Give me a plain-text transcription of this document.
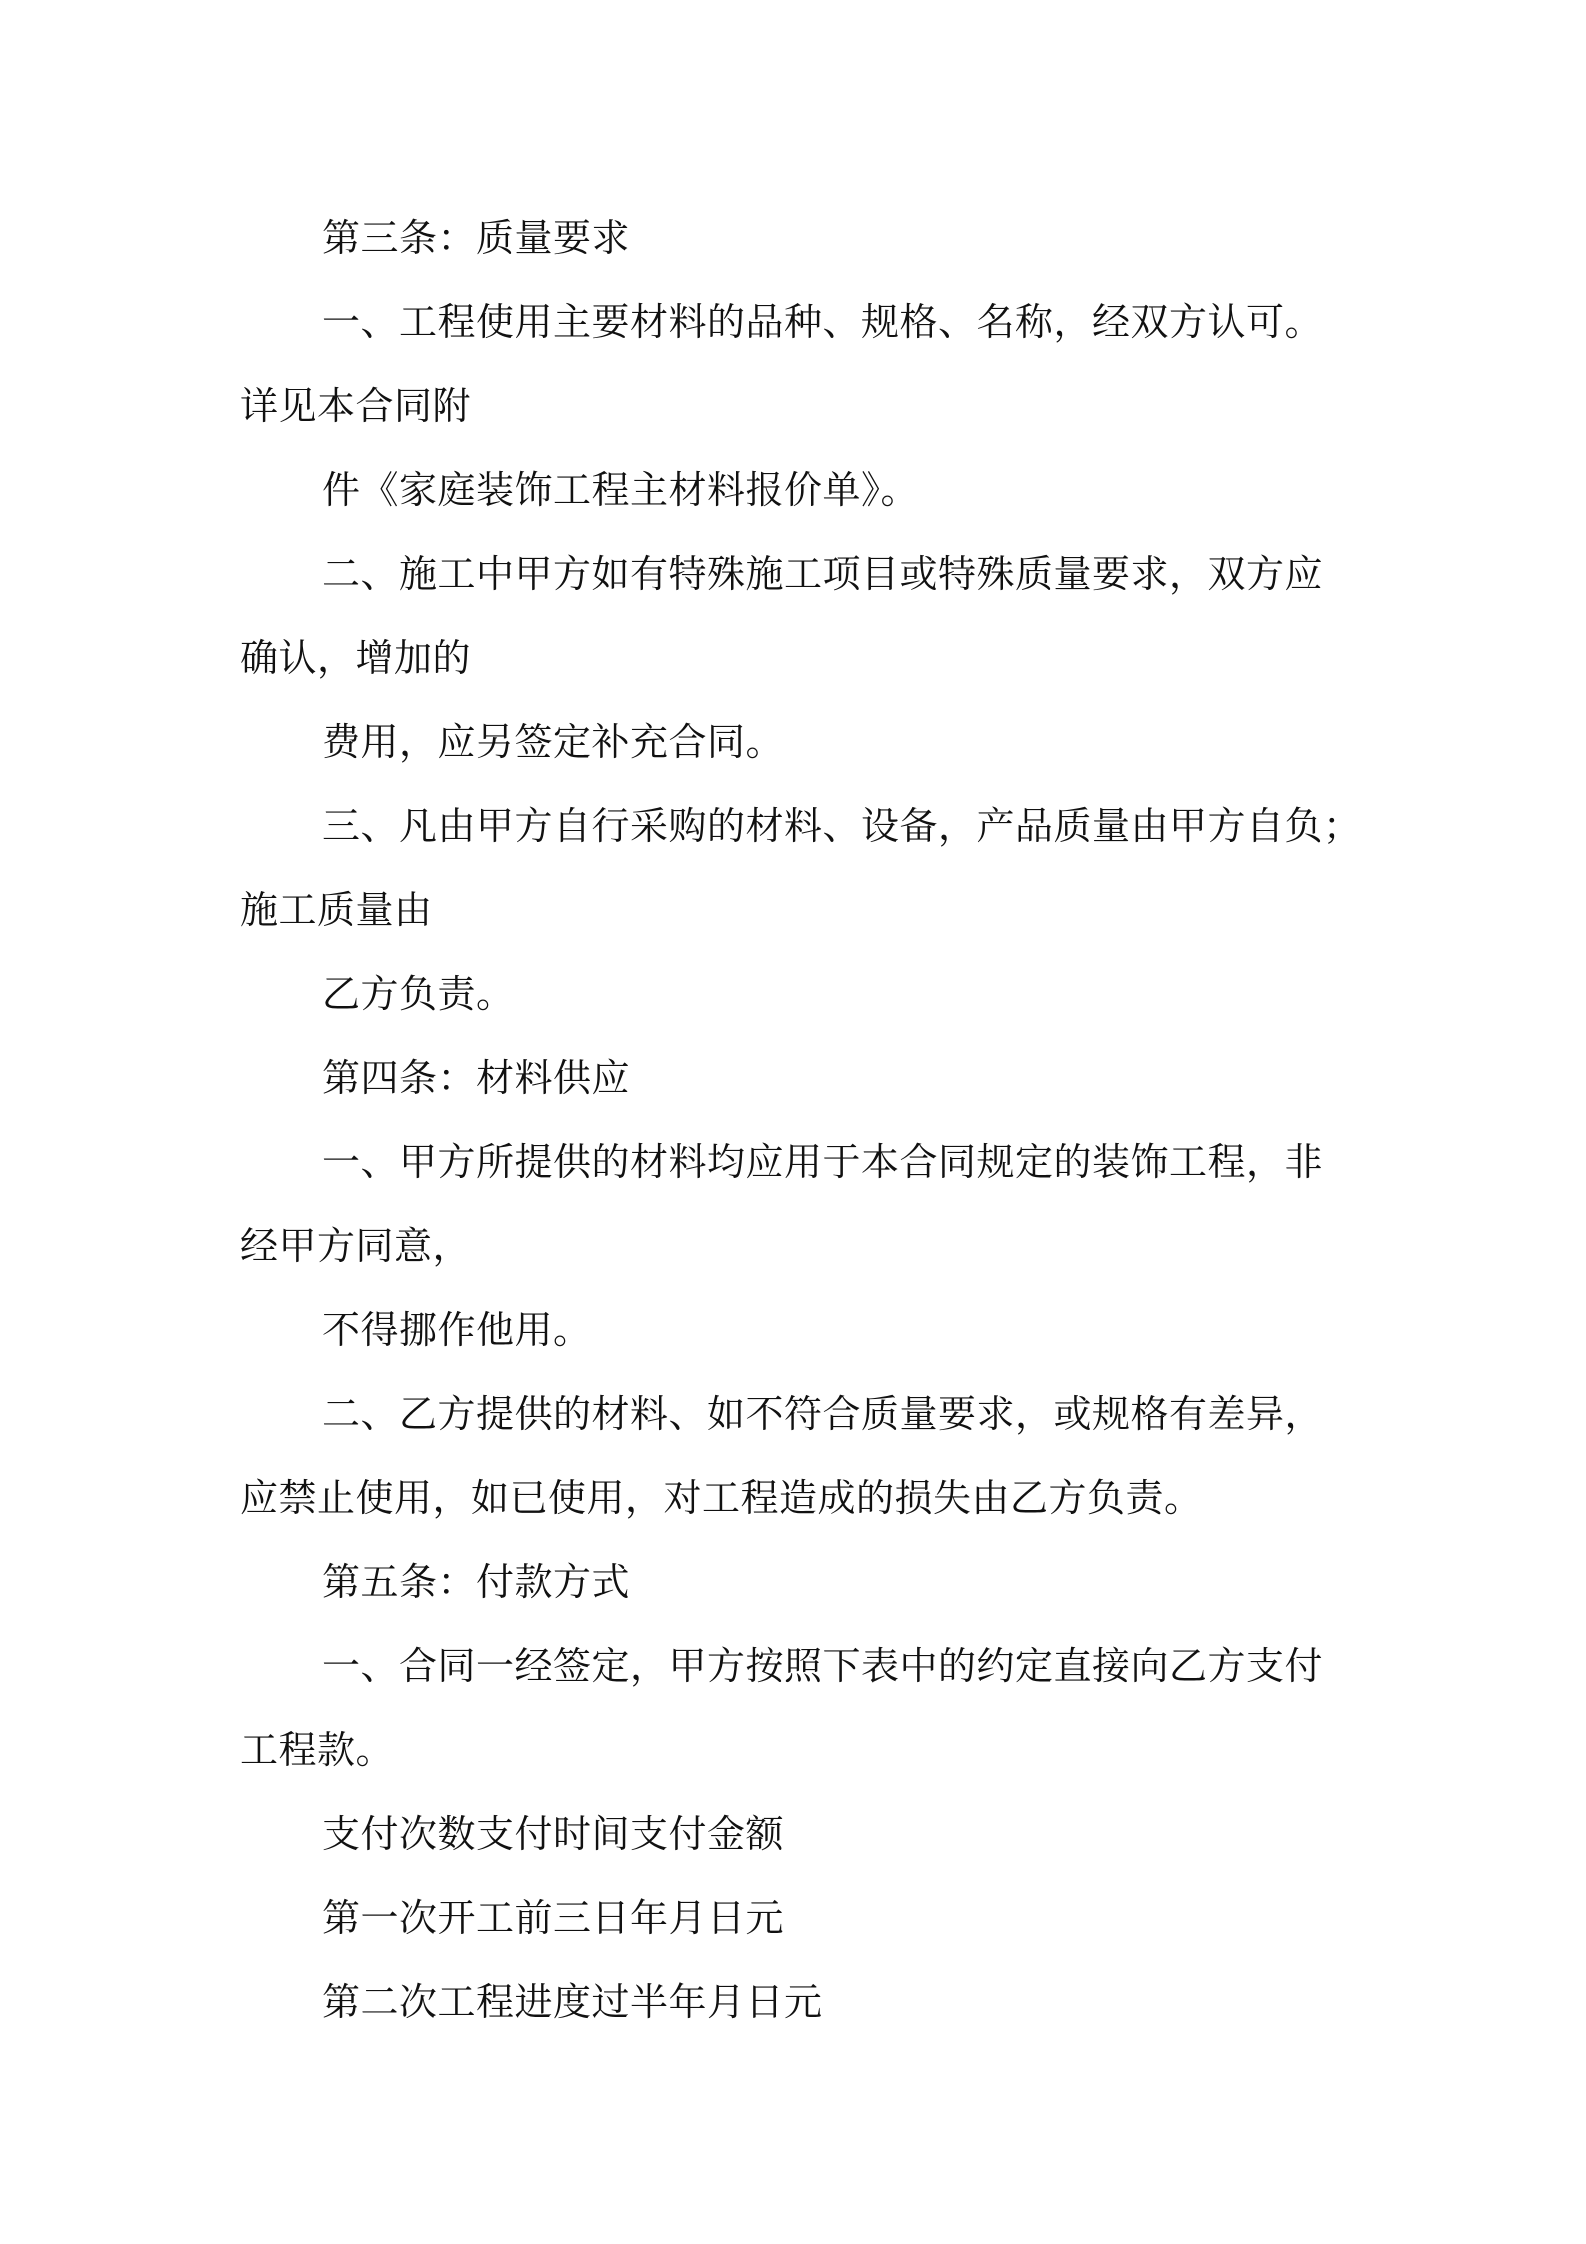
第三条：质量要求
一、工程使用主要材料的品种、规格、名称，经双方认可。
详见本合同附
件《家庭装饰工程主材料报价单》。
二、施工中甲方如有特殊施工项目或特殊质量要求，双方应
确认，增加的
费用，应另签定补充合同。
三、凡由甲方自行采购的材料、设备，产品质量由甲方自负；
施工质量由
乙方负责。
第四条：材料供应
一、甲方所提供的材料均应用于本合同规定的装饰工程，非
经甲方同意，
不得挪作他用。
二、乙方提供的材料、如不符合质量要求，或规格有差异，
应禁止使用，如已使用，对工程造成的损失由乙方负责。
第五条：付款方式
一、合同一经签定，甲方按照下表中的约定直接向乙方支付
工程款。
支付次数支付时间支付金额
第一次开工前三日年月日元
第二次工程进度过半年月日元
